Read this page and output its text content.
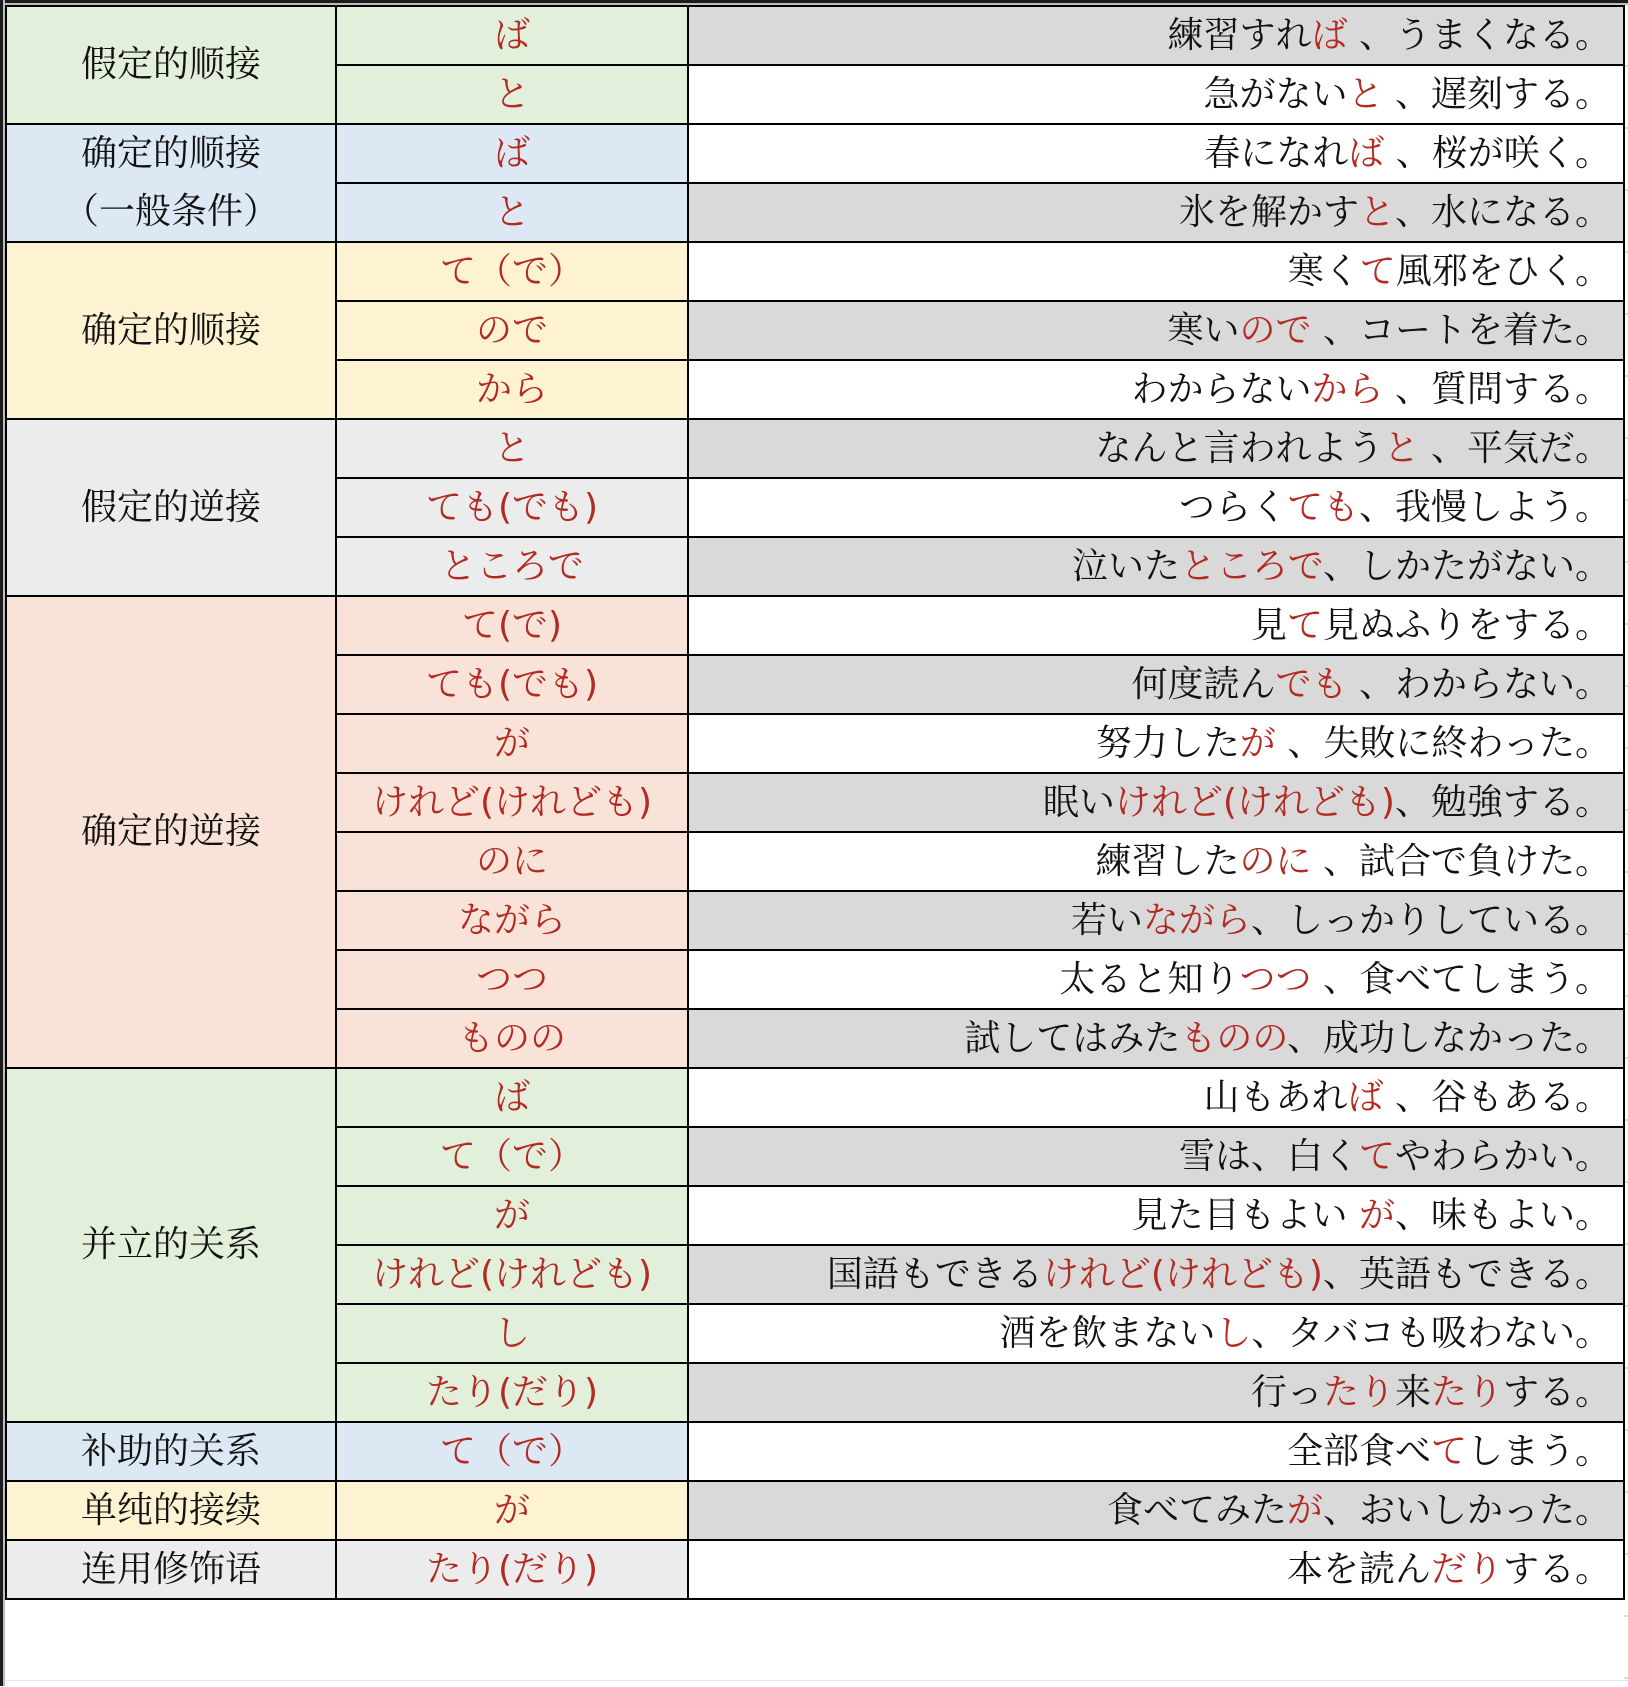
假定的顺接	ば	練習すれば 、うまくなる。
	と	急がないと 、遅刻する。

确定的顺接
（一般条件）	ば	春になれば 、桜が咲く。
	と	氷を解かすと、水になる。
确定的顺接	て（で）	寒くて風邪をひく。
	ので	寒いので 、コートを着た。
	から	わからないから 、質問する。
假定的逆接	と	なんと言われようと 、平気だ。
	ても(でも)	つらくても、我慢しよう。
	ところで	泣いたところで、しかたがない。
确定的逆接	て(で)	見て見ぬふりをする。
	ても(でも)	何度読んでも 、わからない。
	が	努力したが 、失敗に終わった。
	けれど(けれども)	眠いけれど(けれども)、勉強する。
	のに	練習したのに 、試合で負けた。
	ながら	若いながら、しっかりしている。
	つつ	太ると知りつつ 、食べてしまう。
	ものの	試してはみたものの、成功しなかった。
并立的关系	ば	山もあれば 、谷もある。
	て（で）	雪は、白くてやわらかい。
	が	見た目もよい が、味もよい。
	けれど(けれども)	国語もできるけれど(けれども)、英語もできる。
	し	酒を飲まないし、タバコも吸わない。
	たり(だり)	行ったり来たりする。
补助的关系	て（で）	全部食べてしまう。
单纯的接续	が	食べてみたが、おいしかった。
连用修饰语	たり(だり)	本を読んだりする。
